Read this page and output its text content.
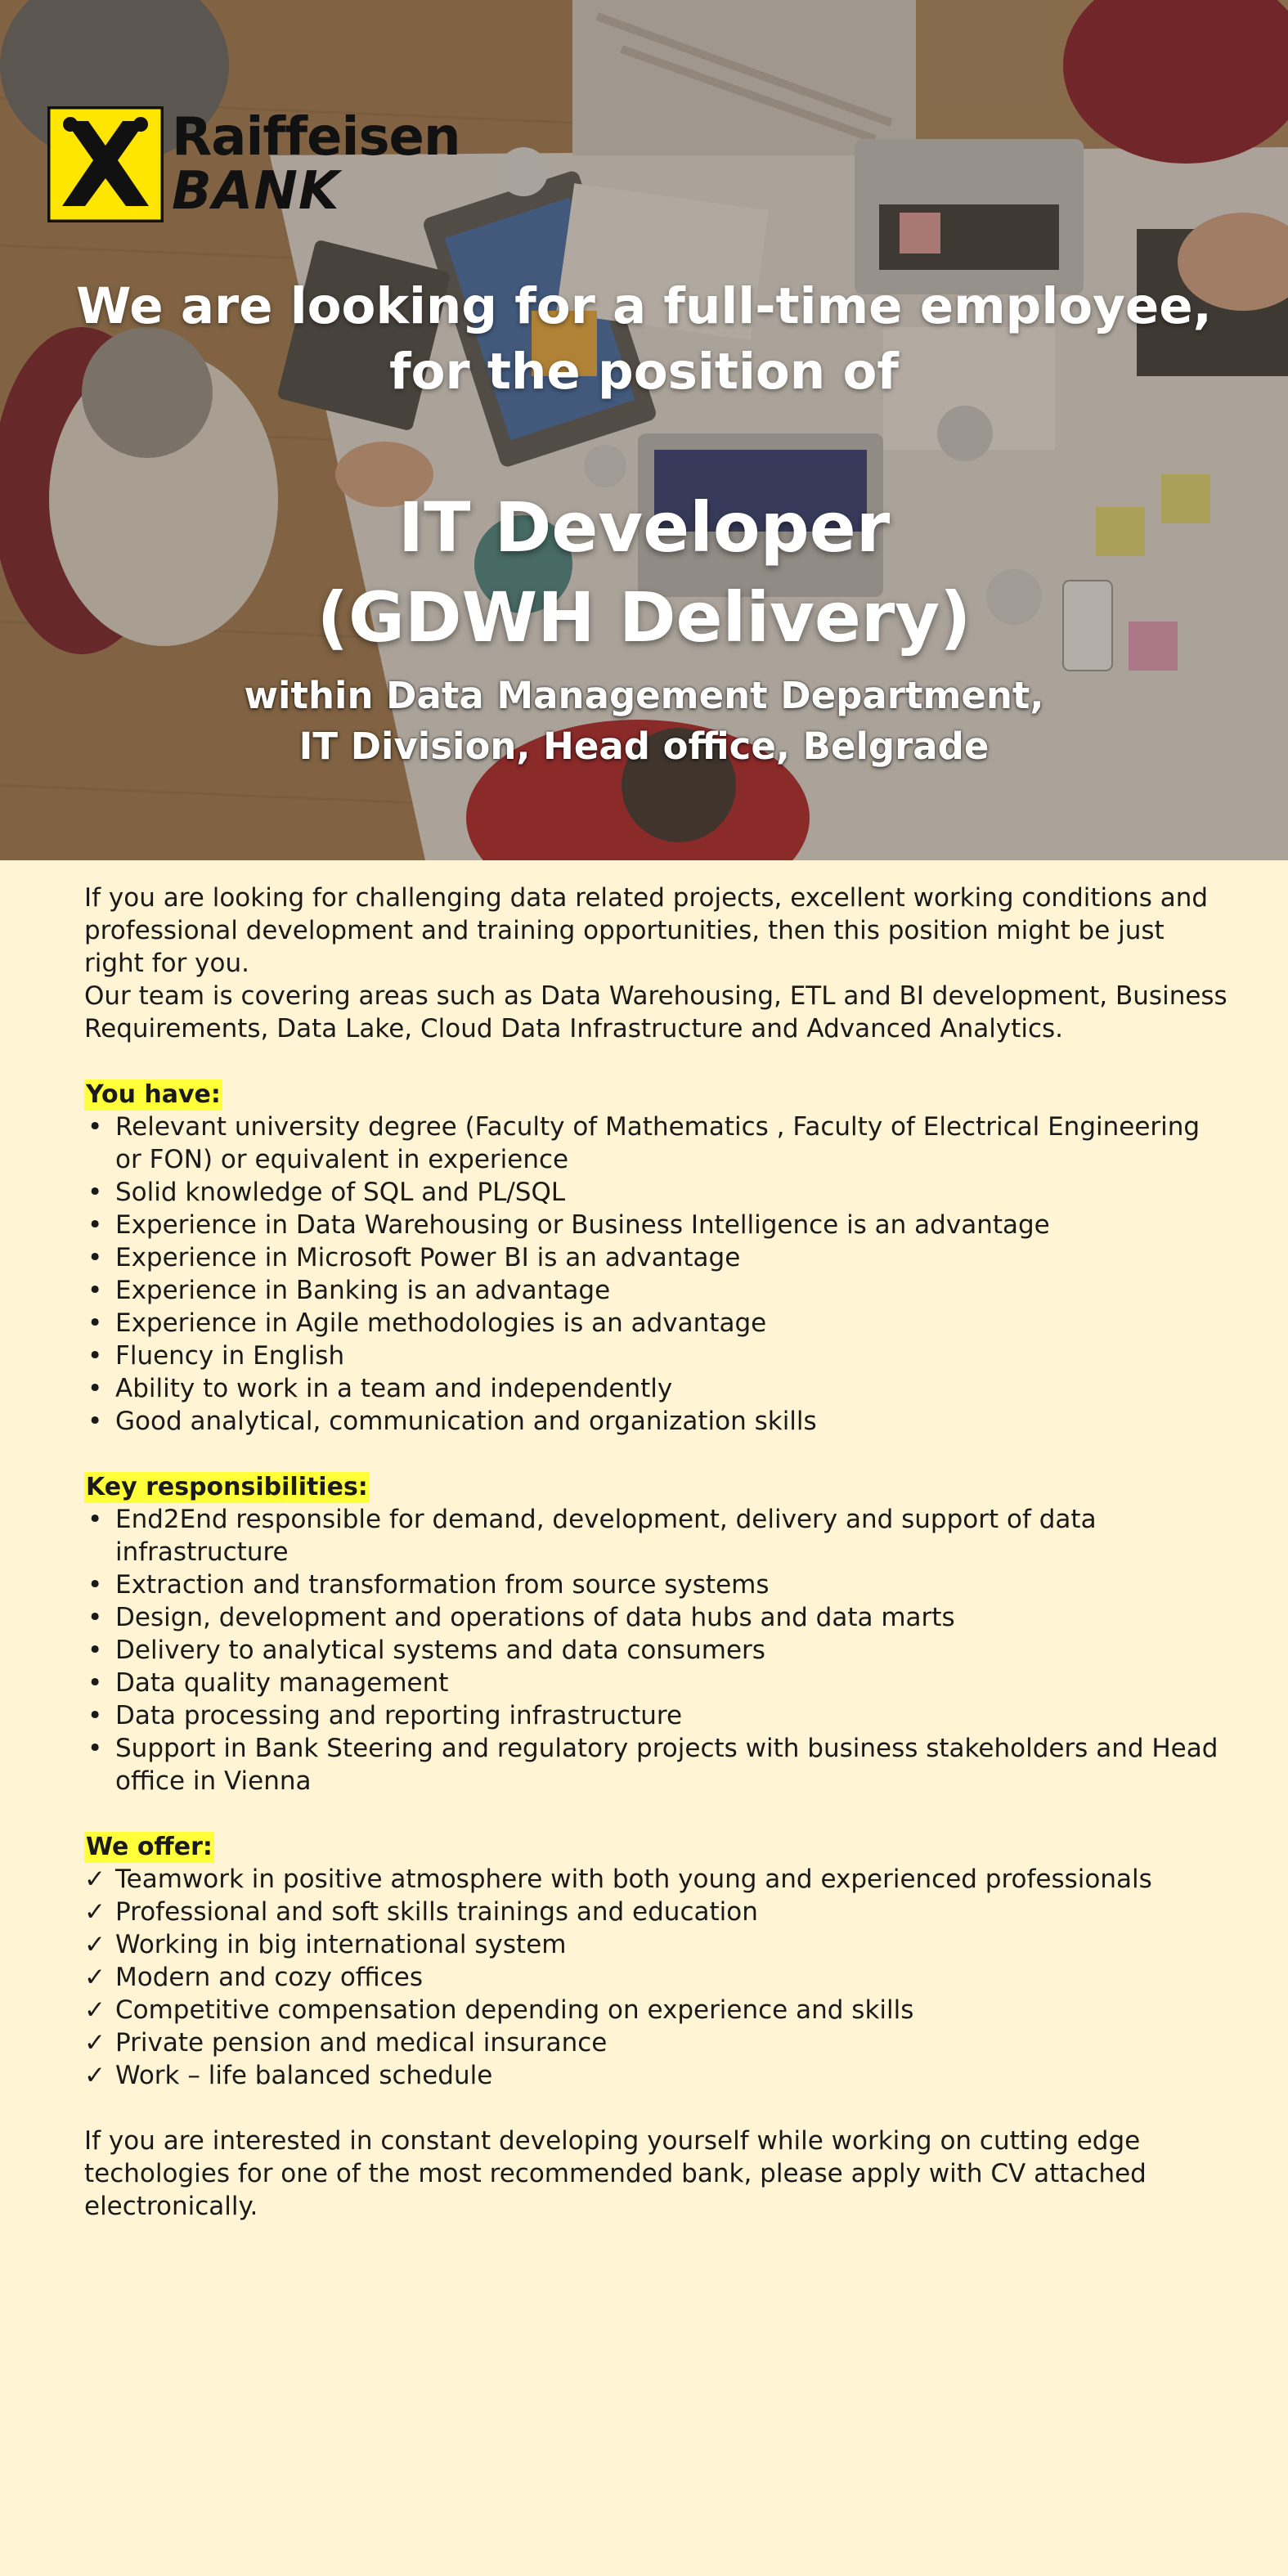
Raiffeisen
BANK
We are looking for a full-time employee, for the position of
IT Developer
(GDWH Delivery)
within Data Management Department,
IT Division, Head office, Belgrade

If you are looking for challenging data related projects, excellent working conditions and professional development and training opportunities, then this position might be just right for you.

Our team is covering areas such as Data Warehousing, ETL and BI development, Business Requirements, Data Lake, Cloud Data Infrastructure and Advanced Analytics.

You have:
• Relevant university degree (Faculty of Mathematics , Faculty of Electrical Engineering or FON) or equivalent in experience
• Solid knowledge of SQL and PL/SQL
• Experience in Data Warehousing or Business Intelligence is an advantage
• Experience in Microsoft Power BI is an advantage
• Experience in Banking is an advantage
• Experience in Agile methodologies is an advantage
• Fluency in English
• Ability to work in a team and independently
• Good analytical, communication and organization skills
Key responsibilities:
• End2End responsible for demand, development, delivery and support of data infrastructure
• Extraction and transformation from source systems
• Design, development and operations of data hubs and data marts
• Delivery to analytical systems and data consumers
• Data quality management
• Data processing and reporting infrastructure
• Support in Bank Steering and regulatory projects with business stakeholders and Head office in Vienna
We offer:
✓ Teamwork in positive atmosphere with both young and experienced professionals
✓ Professional and soft skills trainings and education
✓ Working in big international system
✓ Modern and cozy offices
✓ Competitive compensation depending on experience and skills
✓ Private pension and medical insurance
✓ Work – life balanced schedule

If you are interested in constant developing yourself while working on cutting edge techologies for one of the most recommended bank, please apply with CV attached electronically.
